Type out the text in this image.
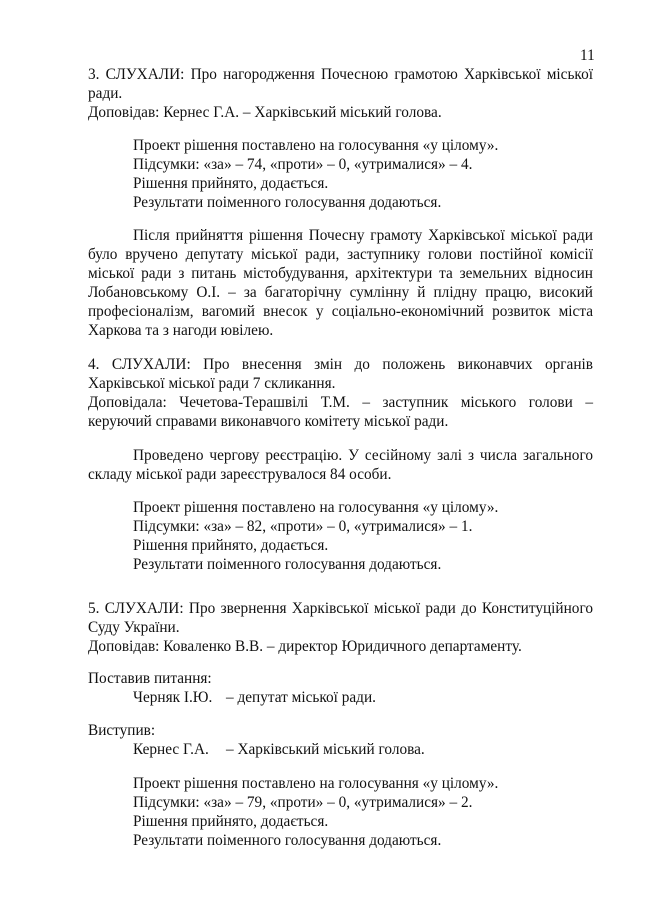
11
3. СЛУХАЛИ: Про нагородження Почесною грамотою Харківської міської
ради.
Доповідав: Кернес Г.А. – Харківський міський голова.
Проект рішення поставлено на голосування «у цілому».
Підсумки: «за» – 74, «проти» – 0, «утрималися» – 4.
Рішення прийнято, додається.
Результати поіменного голосування додаються.
Після прийняття рішення Почесну грамоту Харківської міської ради
було вручено депутату міської ради, заступнику голови постійної комісії
міської ради з питань містобудування, архітектури та земельних відносин
Лобановському О.І. – за багаторічну сумлінну й плідну працю, високий
професіоналізм, вагомий внесок у соціально-економічний розвиток міста
Харкова та з нагоди ювілею.
4. СЛУХАЛИ: Про внесення змін до положень виконавчих органів
Харківської міської ради 7 скликання.
Доповідала: Чечетова-Терашвілі Т.М. – заступник міського голови –
керуючий справами виконавчого комітету міської ради.
Проведено чергову реєстрацію. У сесійному залі з числа загального
складу міської ради зареєструвалося 84 особи.
Проект рішення поставлено на голосування «у цілому».
Підсумки: «за» – 82, «проти» – 0, «утрималися» – 1.
Рішення прийнято, додається.
Результати поіменного голосування додаються.
5. СЛУХАЛИ: Про звернення Харківської міської ради до Конституційного
Суду України.
Доповідав: Коваленко В.В. – директор Юридичного департаменту.
Поставив питання:
Черняк І.Ю. – депутат міської ради.
Виступив:
Кернес Г.А. – Харківський міський голова.
Проект рішення поставлено на голосування «у цілому».
Підсумки: «за» – 79, «проти» – 0, «утрималися» – 2.
Рішення прийнято, додається.
Результати поіменного голосування додаються.
